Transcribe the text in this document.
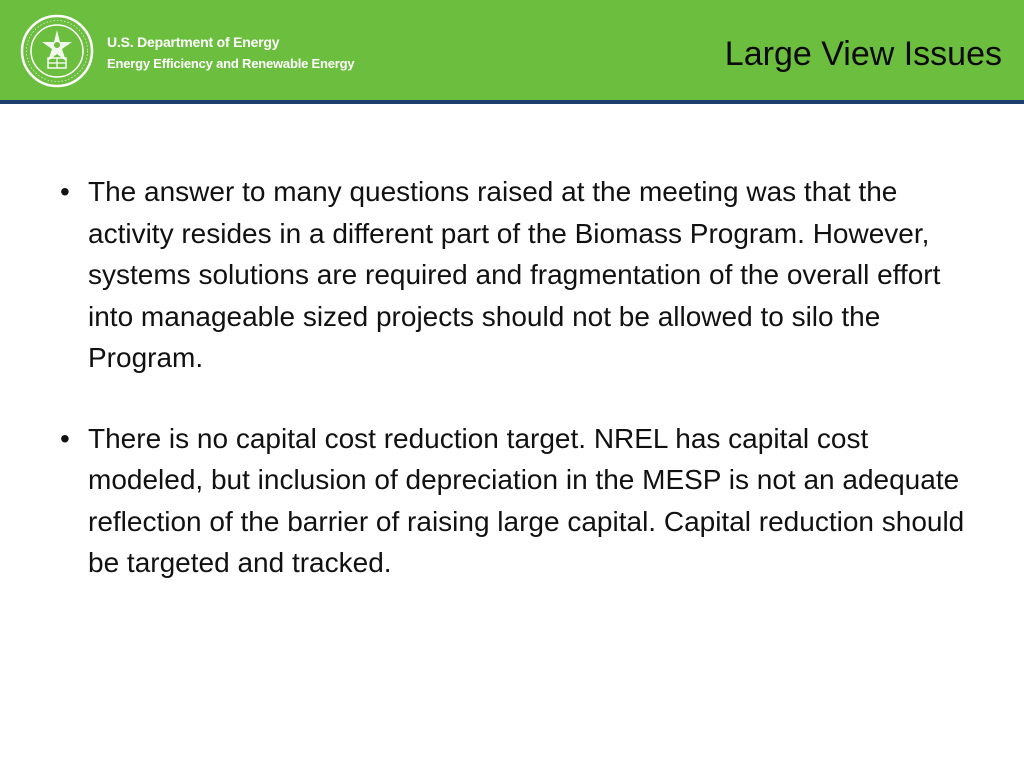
U.S. Department of Energy
Energy Efficiency and Renewable Energy	Large View Issues
• The answer to many questions raised at the meeting was that the activity resides in a different part of the Biomass Program. However, systems solutions are required and fragmentation of the overall effort into manageable sized projects should not be allowed to silo the Program.
• There is no capital cost reduction target. NREL has capital cost modeled, but inclusion of depreciation in the MESP is not an adequate reflection of the barrier of raising large capital. Capital reduction should be targeted and tracked.
